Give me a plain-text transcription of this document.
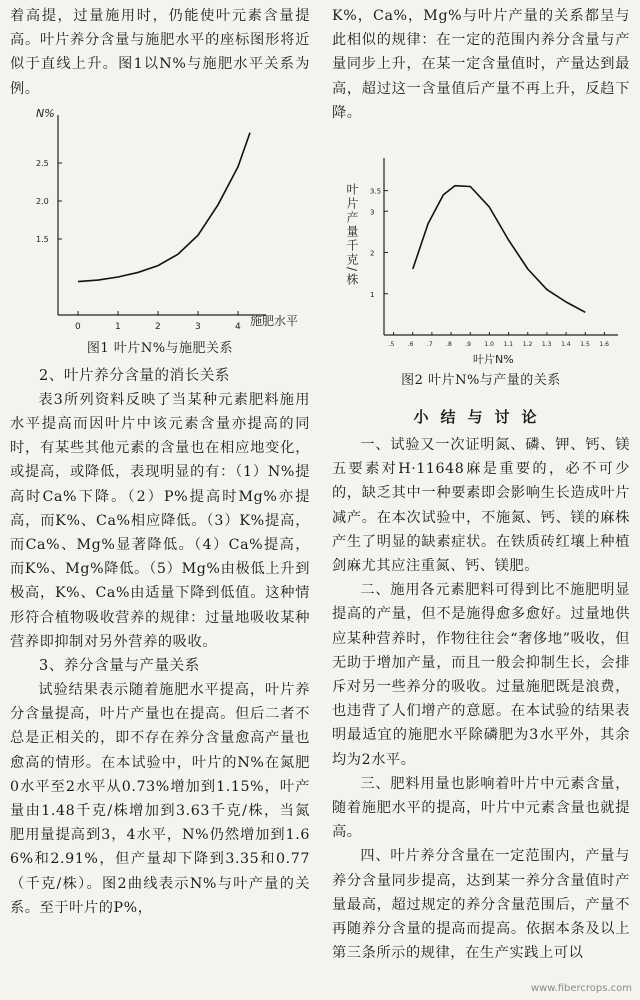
着高提，过量施用时，仍能使叶元素含量提高。叶片养分含量与施肥水平的座标图形将近似于直线上升。图1以N%与施肥水平关系为例。

N%
施肥水平
0	1	2	3	4
1.5
2.0
2.5
图1 叶片N%与施肥关系

2、叶片养分含量的消长关系

表3所列资料反映了当某种元素肥料施用水平提高而因叶片中该元素含量亦提高的同时，有某些其他元素的含量也在相应地变化，或提高，或降低，表现明显的有：（1）N%提高时Ca%下降。（2）P%提高时Mg%亦提高，而K%、Ca%相应降低。（3）K%提高，而Ca%、Mg%显著降低。（4）Ca%提高，而K%、Mg%降低。（5）Mg%由极低上升到极高，K%、Ca%由适量下降到低值。这种情形符合植物吸收营养的规律：过量地吸收某种营养即抑制对另外营养的吸收。

3、养分含量与产量关系

试验结果表示随着施肥水平提高，叶片养分含量提高，叶片产量也在提高。但后二者不总是正相关的，即不存在养分含量愈高产量也愈高的情形。在本试验中，叶片的N%在氮肥0水平至2水平从0.73%增加到1.15%，叶产量由1.48千克/株增加到3.63千克/株，当氮肥用量提高到3，4水平，N%仍然增加到1.66%和2.91%，但产量却下降到3.35和0.77（千克/株）。图2曲线表示N%与叶产量的关系。至于叶片的P%，

K%，Ca%，Mg%与叶片产量的关系都呈与此相似的规律：在一定的范围内养分含量与产量同步上升，在某一定含量值时，产量达到最高，超过这一含量值后产量不再上升，反趋下降。

叶片产量千克/株
叶片N%
.5 .6 .7 .8 .9 1.0 1.1 1.2 1.3 1.4 1.5 1.6
1
2
3
3.5
图2 叶片N%与产量的关系
小结与讨论

一、试验又一次证明氮、磷、钾、钙、镁五要素对H·11648麻是重要的，必不可少的，缺乏其中一种要素即会影响生长造成叶片减产。在本次试验中，不施氮、钙、镁的麻株产生了明显的缺素症状。在铁质砖红壤上种植剑麻尤其应注重氮、钙、镁肥。

二、施用各元素肥料可得到比不施肥明显提高的产量，但不是施得愈多愈好。过量地供应某种营养时，作物往往会“奢侈地”吸收，但无助于增加产量，而且一般会抑制生长，会排斥对另一些养分的吸收。过量施肥既是浪费，也违背了人们增产的意愿。在本试验的结果表明最适宜的施肥水平除磷肥为3水平外，其余均为2水平。

三、肥料用量也影响着叶片中元素含量，随着施肥水平的提高，叶片中元素含量也就提高。

四、叶片养分含量在一定范围内，产量与养分含量同步提高，达到某一养分含量值时产量最高，超过规定的养分含量范围后，产量不再随养分含量的提高而提高。依据本条及以上第三条所示的规律，在生产实践上可以

www.fibercrops.com
